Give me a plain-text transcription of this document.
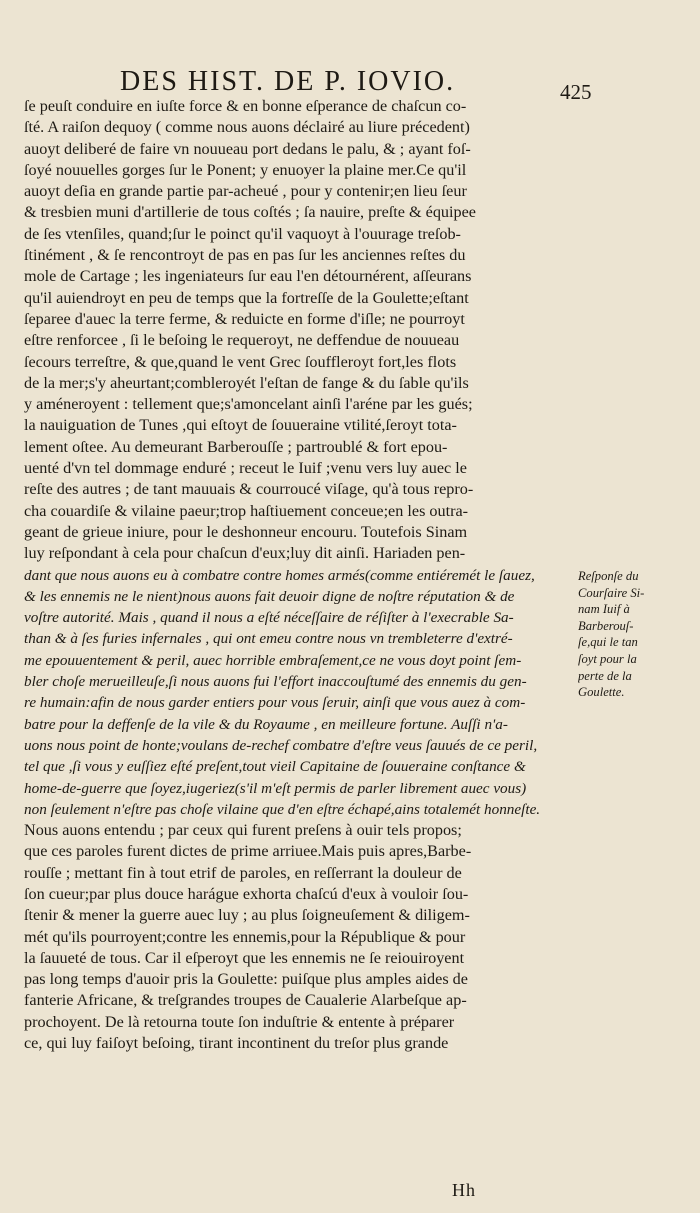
DES HIST. DE P. IOVIO.	425
ſe peuſt conduire en iuſte force & en bonne eſperance de chaſcun co-
ſté. A raiſon dequoy ( comme nous auons déclairé au liure précedent)
auoyt deliberé de faire vn nouueau port dedans le palu, & ; ayant foſ-
ſoyé nouuelles gorges ſur le Ponent; y enuoyer la plaine mer.Ce qu'il
auoyt deſia en grande partie par-acheué , pour y contenir;en lieu ſeur
& tresbien muni d'artillerie de tous coſtés ; ſa nauire, preſte & équipee
de ſes vtenſiles, quand;ſur le poinct qu'il vaquoyt à l'ouurage treſob-
ſtinément , & ſe rencontroyt de pas en pas ſur les anciennes reſtes du
mole de Cartage ; les ingeniateurs ſur eau l'en détournérent, aſſeurans
qu'il auiendroyt en peu de temps que la fortreſſe de la Goulette;eſtant
ſeparee d'auec la terre ferme, & reduicte en forme d'iſle; ne pourroyt
eſtre renforcee , ſi le beſoing le requeroyt, ne deffendue de nouueau
ſecours terreſtre, & que,quand le vent Grec ſouffleroyt fort,les flots
de la mer;s'y aheurtant;combleroyét l'eſtan de fange & du ſable qu'ils
y améneroyent : tellement que;s'amoncelant ainſi l'aréne par les gués;
la nauiguation de Tunes ,qui eſtoyt de ſouueraine vtilité,ſeroyt tota-
lement oſtee. Au demeurant Barberouſſe ; partroublé & fort epou-
uenté d'vn tel dommage enduré ; receut le Iuif ;venu vers luy auec le
reſte des autres ; de tant mauuais & courroucé viſage, qu'à tous repro-
cha couardiſe & vilaine paeur;trop haſtiuement conceue;en les outra-
geant de grieue iniure, pour le deshonneur encouru. Toutefois Sinam
luy reſpondant à cela pour chaſcun d'eux;luy dit ainſi. Hariaden pen-
dant que nous auons eu à combatre contre homes armés(comme entiéremét le ſauez,
& les ennemis ne le nient)nous auons fait deuoir digne de noſtre réputation & de
voſtre autorité. Mais , quand il nous a eſté néceſſaire de réſiſter à l'execrable Sa-
than & à ſes furies infernales , qui ont emeu contre nous vn trembleterre d'extré-
me epouuentement & peril, auec horrible embraſement,ce ne vous doyt point ſem-
bler choſe merueilleuſe,ſi nous auons fui l'effort inaccouſtumé des ennemis du gen-
re humain:afin de nous garder entiers pour vous ſeruir, ainſi que vous auez à com-
batre pour la deffenſe de la vile & du Royaume , en meilleure fortune. Auſſi n'a-
uons nous point de honte;voulans de-rechef combatre d'eſtre veus ſauués de ce peril,
tel que ,ſi vous y euſſiez eſté preſent,tout vieil Capitaine de ſouueraine conſtance &
home-de-guerre que ſoyez,iugeriez(s'il m'eſt permis de parler librement auec vous)
non ſeulement n'eſtre pas choſe vilaine que d'en eſtre échapé,ains totalemét honneſte.
Nous auons entendu ; par ceux qui furent preſens à ouir tels propos;
que ces paroles furent dictes de prime arriuee.Mais puis apres,Barbe-
rouſſe ; mettant fin à tout etrif de paroles, en reſſerrant la douleur de
ſon cueur;par plus douce harágue exhorta chaſcú d'eux à vouloir ſou-
ſtenir & mener la guerre auec luy ; au plus ſoigneuſement & diligem-
mét qu'ils pourroyent;contre les ennemis,pour la République & pour
la ſauueté de tous. Car il eſperoyt que les ennemis ne ſe reiouiroyent
pas long temps d'auoir pris la Goulette: puiſque plus amples aides de
fanterie Africane, & treſgrandes troupes de Caualerie Alarbeſque ap-
prochoyent. De là retourna toute ſon induſtrie & entente à préparer
ce, qui luy faiſoyt beſoing, tirant incontinent du treſor plus grande
Reſponſe du
Courſaire Si-
nam Iuif à
Barberouſ-
ſe,qui le tan
ſoyt pour la
perte de la
Goulette.
Hh
